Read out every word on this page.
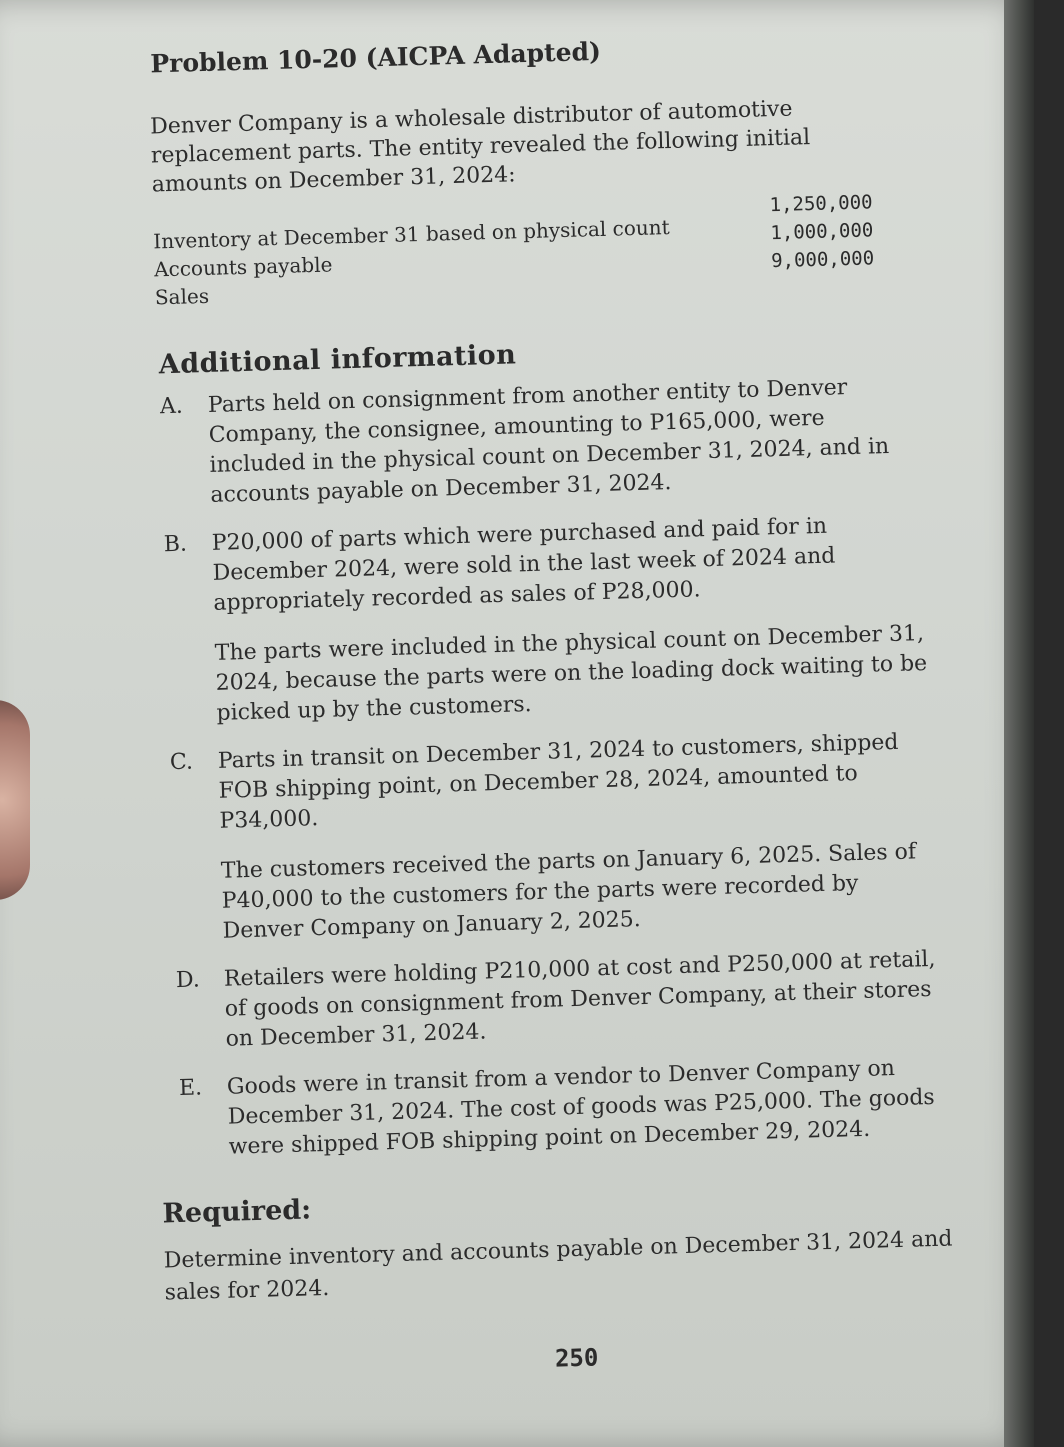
Problem 10-20 (AICPA Adapted)
Denver Company is a wholesale distributor of automotive replacement parts. The entity revealed the following initial amounts on December 31, 2024:
Inventory at December 31 based on physical count
1,250,000
Accounts payable
1,000,000
Sales
9,000,000
Additional information
A. Parts held on consignment from another entity to Denver Company, the consignee, amounting to P165,000, were included in the physical count on December 31, 2024, and in accounts payable on December 31, 2024.
B. P20,000 of parts which were purchased and paid for in December 2024, were sold in the last week of 2024 and appropriately recorded as sales of P28,000.
The parts were included in the physical count on December 31, 2024, because the parts were on the loading dock waiting to be picked up by the customers.
C. Parts in transit on December 31, 2024 to customers, shipped FOB shipping point, on December 28, 2024, amounted to P34,000.
The customers received the parts on January 6, 2025. Sales of P40,000 to the customers for the parts were recorded by Denver Company on January 2, 2025.
D. Retailers were holding P210,000 at cost and P250,000 at retail, of goods on consignment from Denver Company, at their stores on December 31, 2024.
E. Goods were in transit from a vendor to Denver Company on December 31, 2024. The cost of goods was P25,000. The goods were shipped FOB shipping point on December 29, 2024.
Required:
Determine inventory and accounts payable on December 31, 2024 and sales for 2024.
250
